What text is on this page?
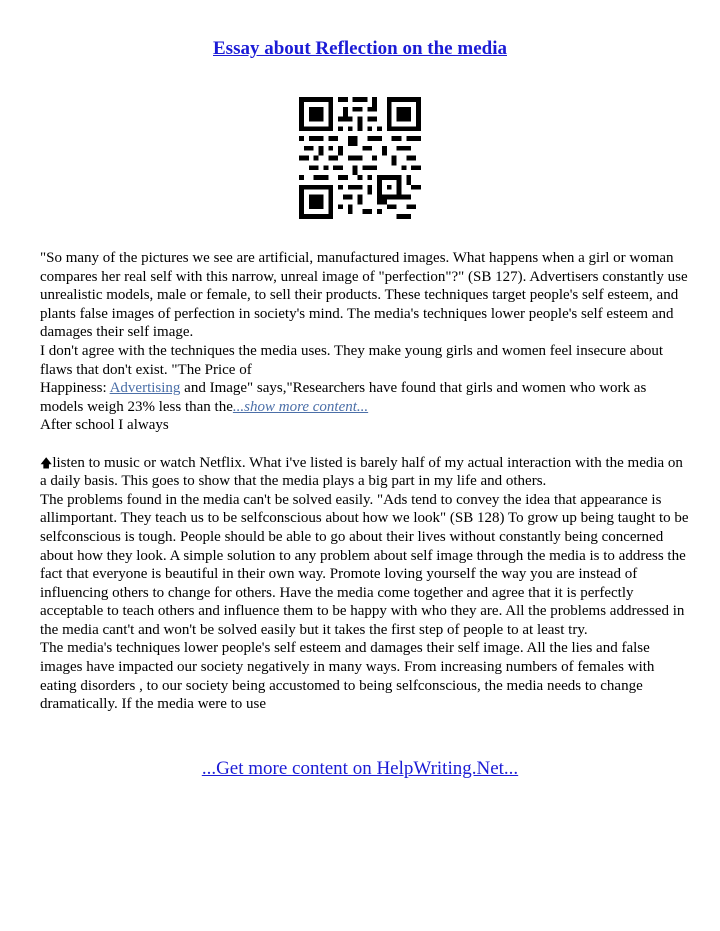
Essay about Reflection on the media

"So many of the pictures we see are artificial, manufactured images. What happens when a girl or woman compares her real self with this narrow, unreal image of "perfection"?" (SB 127). Advertisers constantly use unrealistic models, male or female, to sell their products. These techniques target people's self esteem, and plants false images of perfection in society's mind. The media's techniques lower people's self esteem and damages their self image.

I don't agree with the techniques the media uses. They make young girls and women feel insecure about flaws that don't exist. "The Price of

Happiness: Advertising and Image" says,"Researchers have found that girls and women who work as models weigh 23% less than the...show more content...

After school I always

🡅listen to music or watch Netflix. What i've listed is barely half of my actual interaction with the media on a daily basis. This goes to show that the media plays a big part in my life and others.

The problems found in the media can't be solved easily. "Ads tend to convey the idea that appearance is allimportant. They teach us to be selfconscious about how we look" (SB 128) To grow up being taught to be selfconscious is tough. People should be able to go about their lives without constantly being concerned about how they look. A simple solution to any problem about self image through the media is to address the fact that everyone is beautiful in their own way. Promote loving yourself the way you are instead of influencing others to change for others. Have the media come together and agree that it is perfectly acceptable to teach others and influence them to be happy with who they are. All the problems addressed in the media cant't and won't be solved easily but it takes the first step of people to at least try.

The media's techniques lower people's self esteem and damages their self image. All the lies and false images have impacted our society negatively in many ways. From increasing numbers of females with eating disorders , to our society being accustomed to being selfconscious, the media needs to change dramatically. If the media were to use

...Get more content on HelpWriting.Net...
